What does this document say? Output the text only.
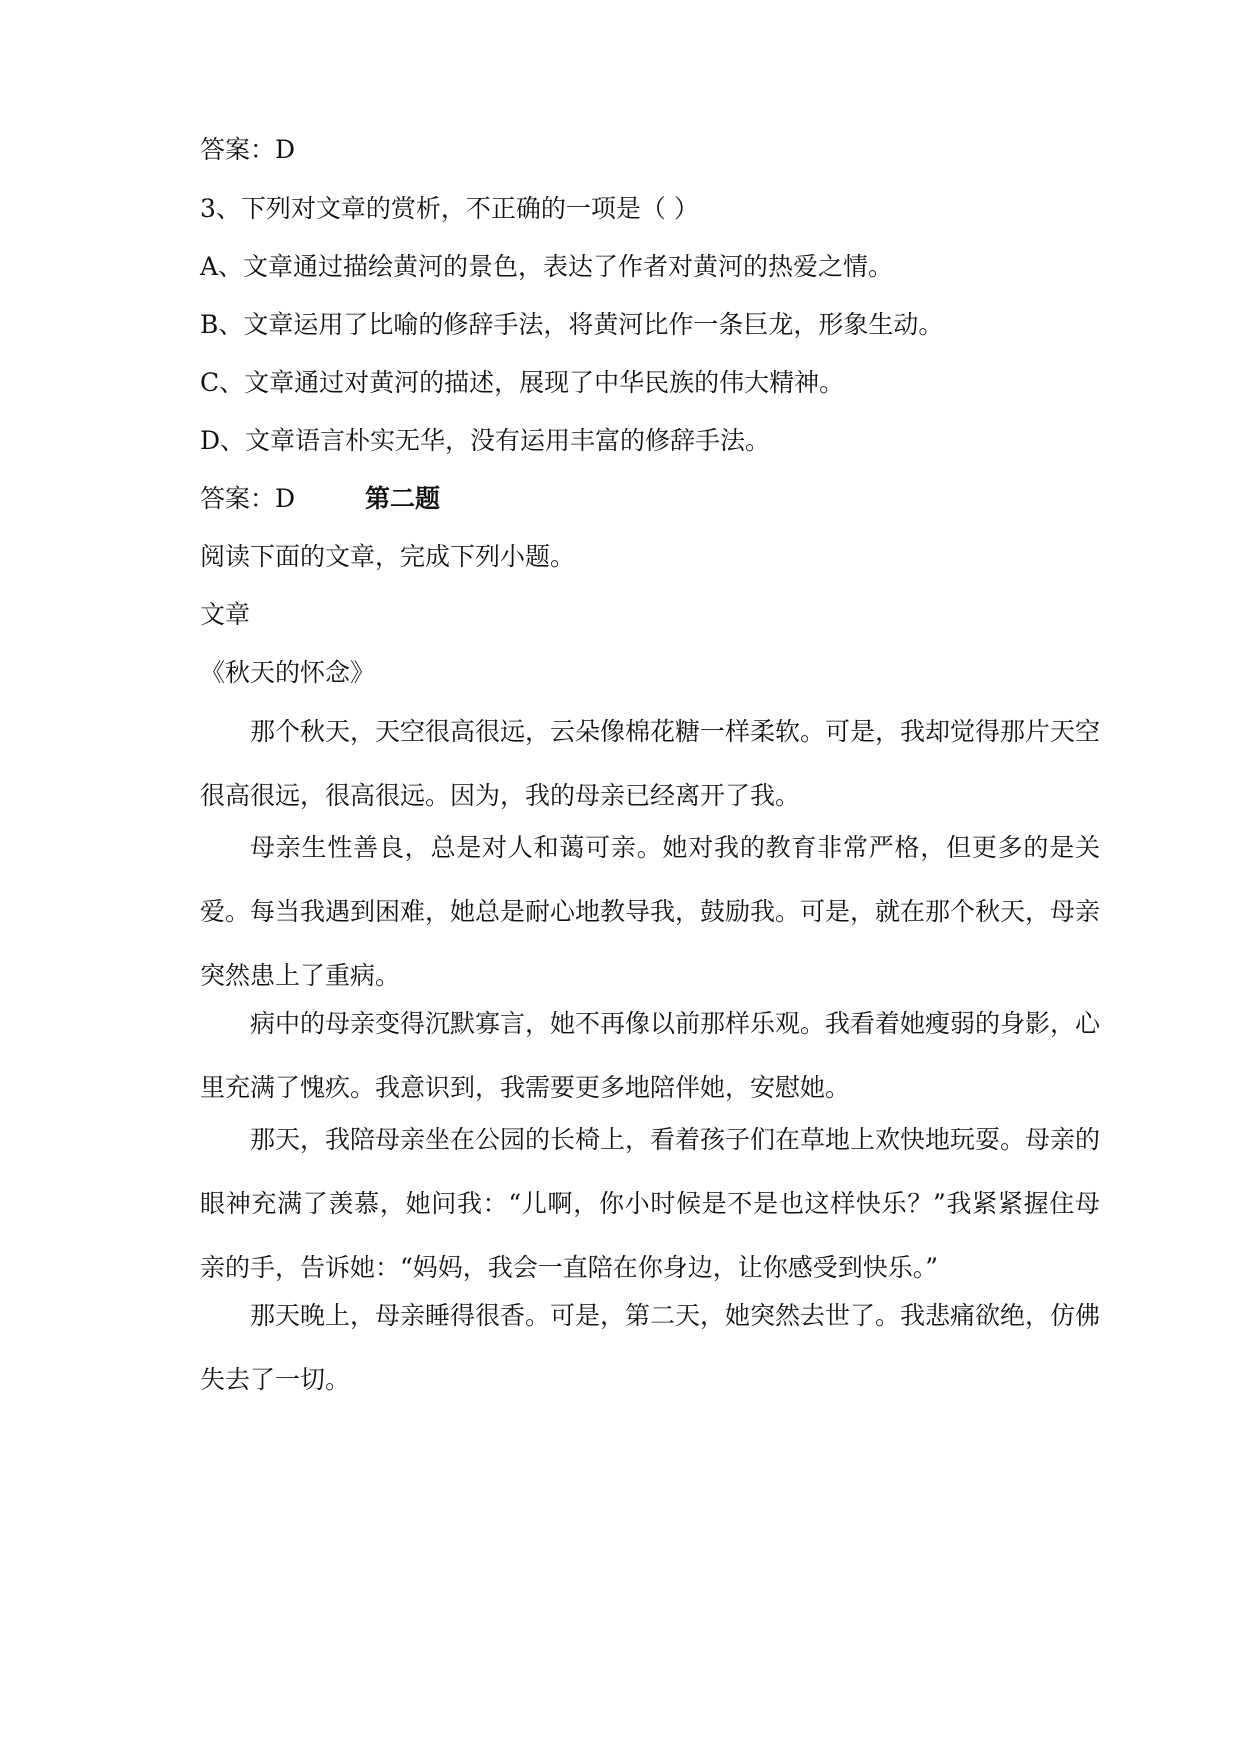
答案：D
3、下列对文章的赏析，不正确的一项是（ ）
A、文章通过描绘黄河的景色，表达了作者对黄河的热爱之情。
B、文章运用了比喻的修辞手法，将黄河比作一条巨龙，形象生动。
C、文章通过对黄河的描述，展现了中华民族的伟大精神。
D、文章语言朴实无华，没有运用丰富的修辞手法。
答案：D	第二题
阅读下面的文章，完成下列小题。
文章
《秋天的怀念》
那个秋天，天空很高很远，云朵像棉花糖一样柔软。可是，我却觉得那片天空很高很远，很高很远。因为，我的母亲已经离开了我。
母亲生性善良，总是对人和蔼可亲。她对我的教育非常严格，但更多的是关爱。每当我遇到困难，她总是耐心地教导我，鼓励我。可是，就在那个秋天，母亲突然患上了重病。
病中的母亲变得沉默寡言，她不再像以前那样乐观。我看着她瘦弱的身影，心里充满了愧疚。我意识到，我需要更多地陪伴她，安慰她。
那天，我陪母亲坐在公园的长椅上，看着孩子们在草地上欢快地玩耍。母亲的眼神充满了羡慕，她问我：“儿啊，你小时候是不是也这样快乐？”我紧紧握住母亲的手，告诉她：“妈妈，我会一直陪在你身边，让你感受到快乐。”
那天晚上，母亲睡得很香。可是，第二天，她突然去世了。我悲痛欲绝，仿佛失去了一切。
